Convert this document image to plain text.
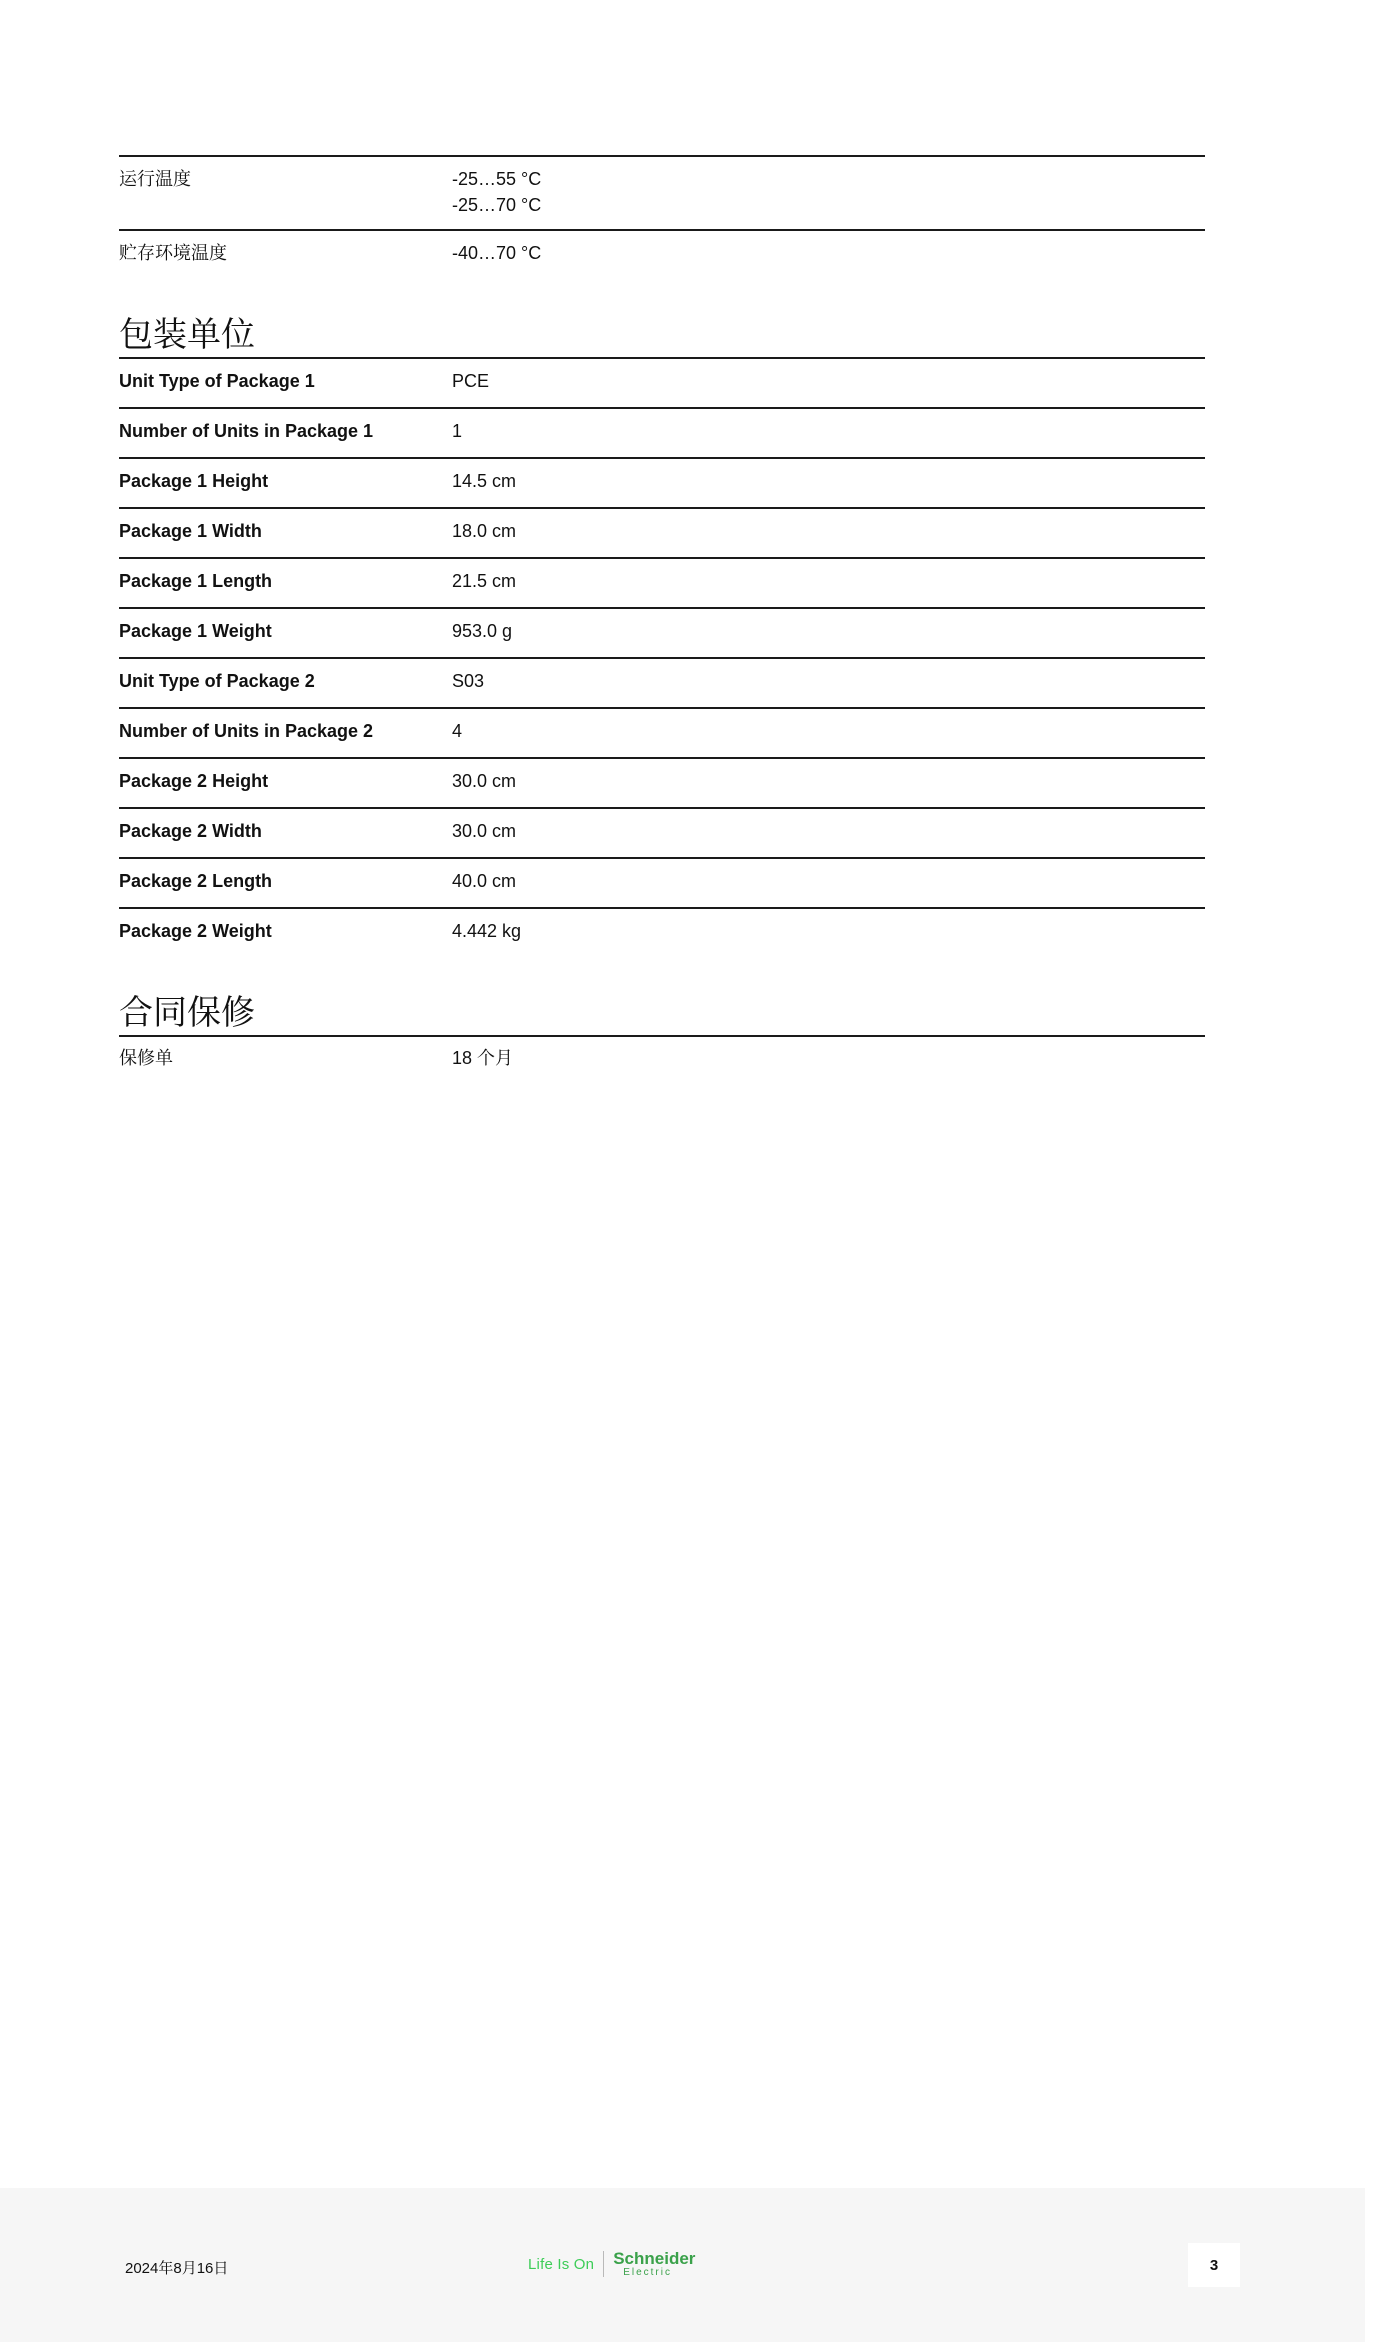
运行温度	-25…55 °C
-25…70 °C
贮存环境温度	-40…70 °C
包装单位
Unit Type of Package 1	PCE
Number of Units in Package 1	1
Package 1 Height	14.5 cm
Package 1 Width	18.0 cm
Package 1 Length	21.5 cm
Package 1 Weight	953.0 g
Unit Type of Package 2	S03
Number of Units in Package 2	4
Package 2 Height	30.0 cm
Package 2 Width	30.0 cm
Package 2 Length	40.0 cm
Package 2 Weight	4.442 kg
合同保修
保修单	18 个月
2024年8月16日	Life Is On Schneider
Electric	3
